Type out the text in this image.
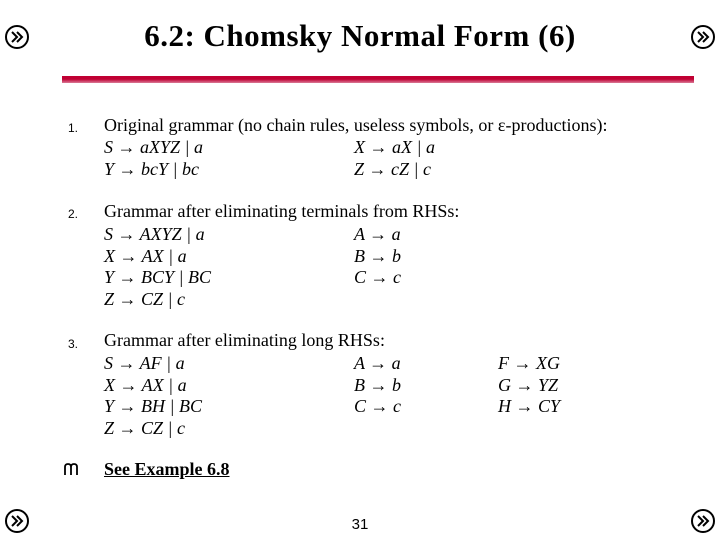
6.2: Chomsky Normal Form (6)
1. Original grammar (no chain rules, useless symbols, or ε-productions):
S → aXYZ | a
Y → bcY | bc
X → aX | a
Z → cZ | c
2. Grammar after eliminating terminals from RHSs:
S → AXYZ | a
X → AX | a
Y → BCY | BC
Z → CZ | c
A → a
B → b
C → c
3. Grammar after eliminating long RHSs:
S → AF | a
X → AX | a
Y → BH | BC
Z → CZ | c
A → a
B → b
C → c
F → XG
G → YZ
H → CY
See Example 6.8
31
